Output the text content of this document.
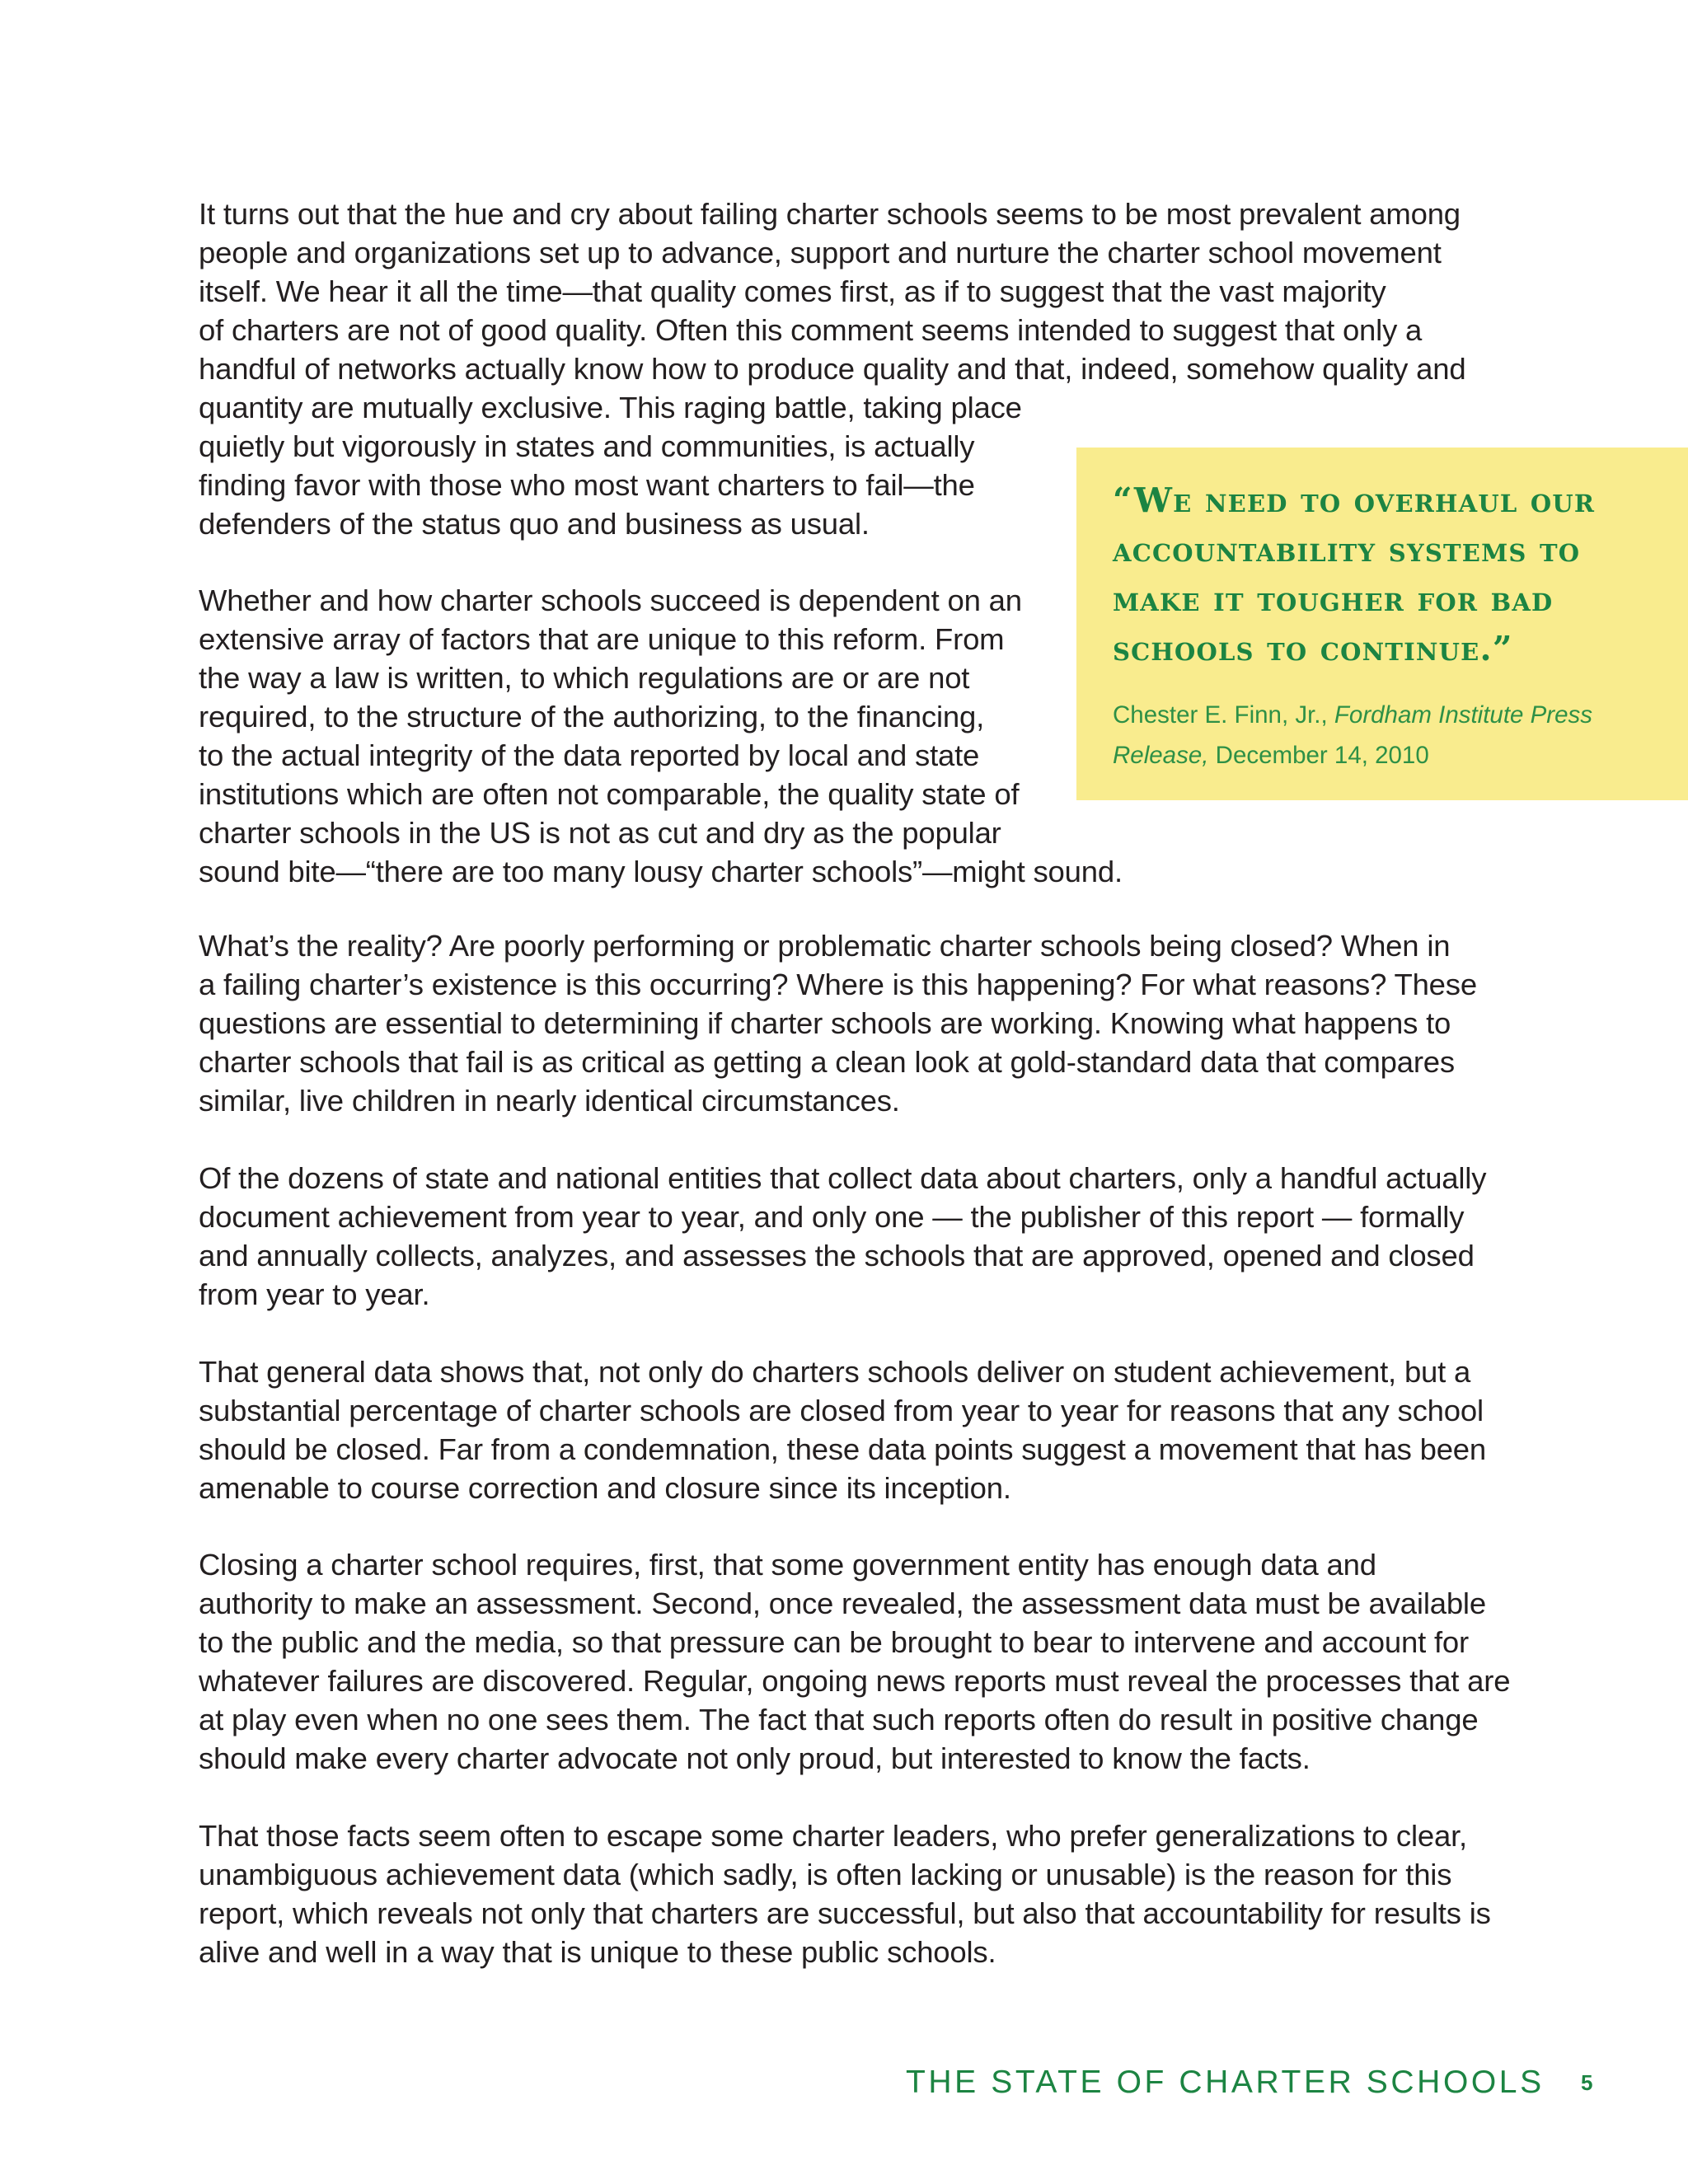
It turns out that the hue and cry about failing charter schools seems to be most prevalent among
people and organizations set up to advance, support and nurture the charter school movement
itself. We hear it all the time—that quality comes first, as if to suggest that the vast majority
of charters are not of good quality. Often this comment seems intended to suggest that only a
handful of networks actually know how to produce quality and that, indeed, somehow quality and
quantity are mutually exclusive. This raging battle, taking place
quietly but vigorously in states and communities, is actually
finding favor with those who most want charters to fail—the
defenders of the status quo and business as usual.

Whether and how charter schools succeed is dependent on an
extensive array of factors that are unique to this reform. From
the way a law is written, to which regulations are or are not
required, to the structure of the authorizing, to the financing,
to the actual integrity of the data reported by local and state
institutions which are often not comparable, the quality state of
charter schools in the US is not as cut and dry as the popular
sound bite—“there are too many lousy charter schools”—might sound.

What’s the reality? Are poorly performing or problematic charter schools being closed? When in
a failing charter’s existence is this occurring? Where is this happening? For what reasons? These
questions are essential to determining if charter schools are working. Knowing what happens to
charter schools that fail is as critical as getting a clean look at gold-standard data that compares
similar, live children in nearly identical circumstances.

Of the dozens of state and national entities that collect data about charters, only a handful actually
document achievement from year to year, and only one — the publisher of this report — formally
and annually collects, analyzes, and assesses the schools that are approved, opened and closed
from year to year.

That general data shows that, not only do charters schools deliver on student achievement, but a
substantial percentage of charter schools are closed from year to year for reasons that any school
should be closed. Far from a condemnation, these data points suggest a movement that has been
amenable to course correction and closure since its inception.

Closing a charter school requires, first, that some government entity has enough data and
authority to make an assessment. Second, once revealed, the assessment data must be available
to the public and the media, so that pressure can be brought to bear to intervene and account for
whatever failures are discovered. Regular, ongoing news reports must reveal the processes that are
at play even when no one sees them. The fact that such reports often do result in positive change
should make every charter advocate not only proud, but interested to know the facts.

That those facts seem often to escape some charter leaders, who prefer generalizations to clear,
unambiguous achievement data (which sadly, is often lacking or unusable) is the reason for this
report, which reveals not only that charters are successful, but also that accountability for results is
alive and well in a way that is unique to these public schools.

“We need to overhaul our
accountability systems to
make it tougher for bad
schools to continue.”

Chester E. Finn, Jr., Fordham Institute Press Release, December 14, 2010

THE STATE OF CHARTER SCHOOLS 5
